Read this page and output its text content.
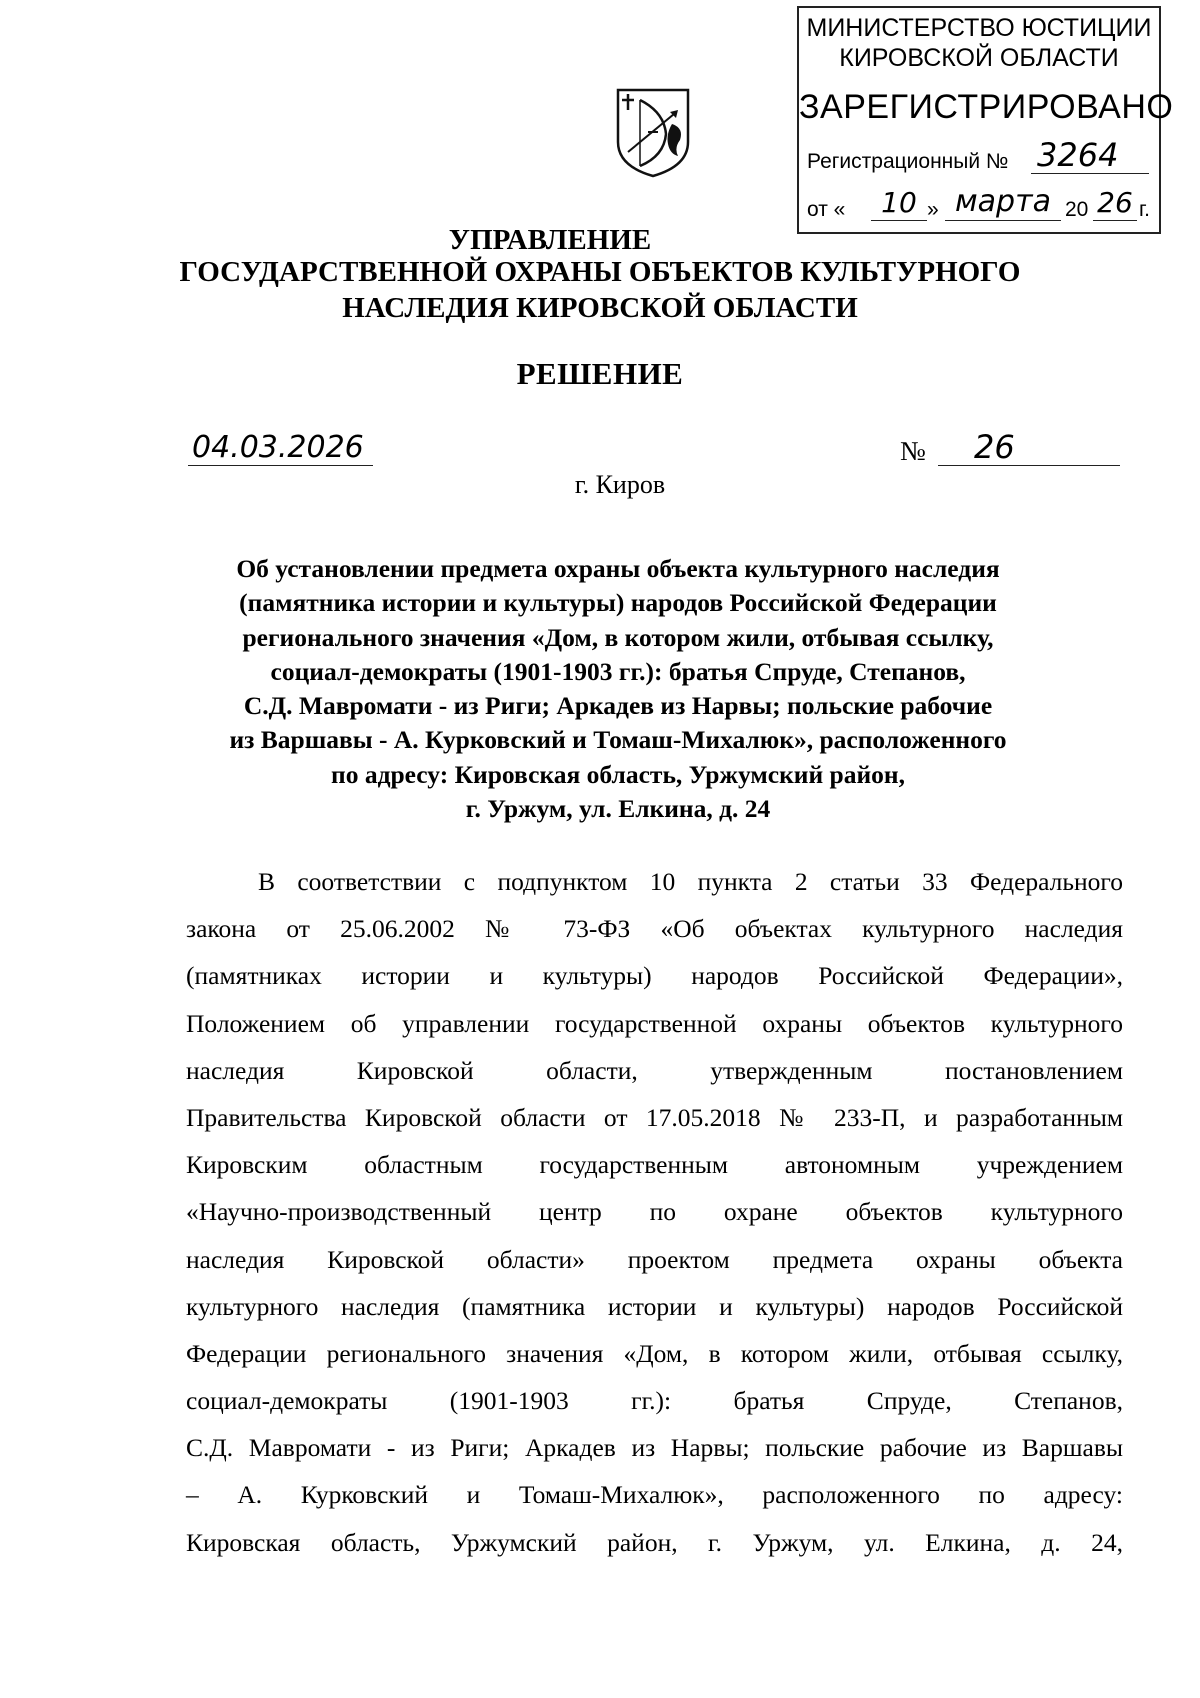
МИНИСТЕРСТВО ЮСТИЦИИ
КИРОВСКОЙ ОБЛАСТИ
ЗАРЕГИСТРИРОВАНО
Регистрационный № 3264
от «	10 » марта 20 26 г.
УПРАВЛЕНИЕ
ГОСУДАРСТВЕННОЙ ОХРАНЫ ОБЪЕКТОВ КУЛЬТУРНОГО
НАСЛЕДИЯ КИРОВСКОЙ ОБЛАСТИ
РЕШЕНИЕ
04.03.2026	№	26
г. Киров
Об установлении предмета охраны объекта культурного наследия
(памятника истории и культуры) народов Российской Федерации
регионального значения «Дом, в котором жили, отбывая ссылку,
социал-демократы (1901-1903 гг.): братья Спруде, Степанов,
С.Д. Мавромати - из Риги; Аркадев из Нарвы; польские рабочие
из Варшавы - А. Курковский и Томаш-Михалюк», расположенного
по адресу: Кировская область, Уржумский район,
г. Уржум, ул. Елкина, д. 24
В соответствии с подпунктом 10 пункта 2 статьи 33 Федерального
закона от 25.06.2002 № 73-ФЗ «Об объектах культурного наследия
(памятниках истории и культуры) народов Российской Федерации»,
Положением об управлении государственной охраны объектов культурного
наследия Кировской области, утвержденным постановлением
Правительства Кировской области от 17.05.2018 № 233-П, и разработанным
Кировским областным государственным автономным учреждением
«Научно-производственный центр по охране объектов культурного
наследия Кировской области» проектом предмета охраны объекта
культурного наследия (памятника истории и культуры) народов Российской
Федерации регионального значения «Дом, в котором жили, отбывая ссылку,
социал-демократы (1901-1903 гг.): братья Спруде, Степанов,
С.Д. Мавромати - из Риги; Аркадев из Нарвы; польские рабочие из Варшавы
– А. Курковский и Томаш-Михалюк», расположенного по адресу:
Кировская область, Уржумский район, г. Уржум, ул. Елкина, д. 24,
